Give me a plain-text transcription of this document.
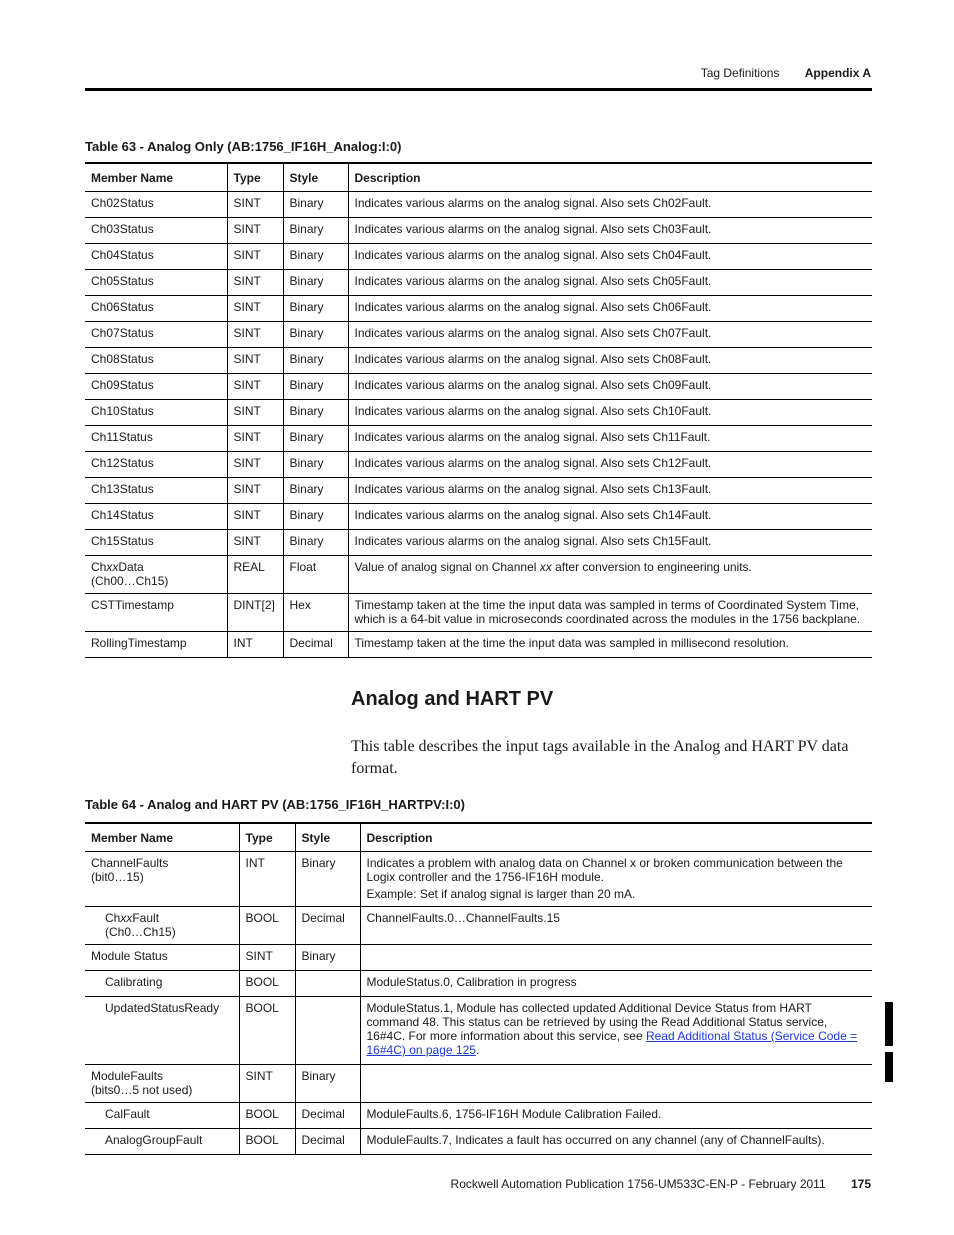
Tag Definitions Appendix A
Table 63 - Analog Only (AB:1756_IF16H_Analog:I:0)
Member Name	Type	Style	Description
Ch02Status	SINT	Binary	Indicates various alarms on the analog signal. Also sets Ch02Fault.
Ch03Status	SINT	Binary	Indicates various alarms on the analog signal. Also sets Ch03Fault.
Ch04Status	SINT	Binary	Indicates various alarms on the analog signal. Also sets Ch04Fault.
Ch05Status	SINT	Binary	Indicates various alarms on the analog signal. Also sets Ch05Fault.
Ch06Status	SINT	Binary	Indicates various alarms on the analog signal. Also sets Ch06Fault.
Ch07Status	SINT	Binary	Indicates various alarms on the analog signal. Also sets Ch07Fault.
Ch08Status	SINT	Binary	Indicates various alarms on the analog signal. Also sets Ch08Fault.
Ch09Status	SINT	Binary	Indicates various alarms on the analog signal. Also sets Ch09Fault.
Ch10Status	SINT	Binary	Indicates various alarms on the analog signal. Also sets Ch10Fault.
Ch11Status	SINT	Binary	Indicates various alarms on the analog signal. Also sets Ch11Fault.
Ch12Status	SINT	Binary	Indicates various alarms on the analog signal. Also sets Ch12Fault.
Ch13Status	SINT	Binary	Indicates various alarms on the analog signal. Also sets Ch13Fault.
Ch14Status	SINT	Binary	Indicates various alarms on the analog signal. Also sets Ch14Fault.
Ch15Status	SINT	Binary	Indicates various alarms on the analog signal. Also sets Ch15Fault.

ChxxData
(Ch00…Ch15)	REAL	Float	Value of analog signal on Channel xx after conversion to engineering units.
CSTTimestamp	DINT[2]	Hex	Timestamp taken at the time the input data was sampled in terms of Coordinated System Time, which is a 64-bit value in microseconds coordinated across the modules in the 1756 backplane.
RollingTimestamp	INT	Decimal	Timestamp taken at the time the input data was sampled in millisecond resolution.
Analog and HART PV
This table describes the input tags available in the Analog and HART PV data format.
Table 64 - Analog and HART PV (AB:1756_IF16H_HARTPV:I:0)
Member Name	Type	Style	Description

ChannelFaults
(bit0…15)	INT	Binary	Indicates a problem with analog data on Channel x or broken communication between the Logix controller and the 1756-IF16H module.
Example: Set if analog signal is larger than 20 mA.

ChxxFault
(Ch0…Ch15)	BOOL	Decimal	ChannelFaults.0…ChannelFaults.15
Module Status	SINT	Binary	
Calibrating	BOOL		ModuleStatus.0, Calibration in progress
UpdatedStatusReady	BOOL		ModuleStatus.1, Module has collected updated Additional Device Status from HART command 48. This status can be retrieved by using the Read Additional Status service, 16#4C. For more information about this service, see Read Additional Status (Service Code = 16#4C) on page 125.

ModuleFaults
(bits0…5 not used)	SINT	Binary	
CalFault	BOOL	Decimal	ModuleFaults.6, 1756-IF16H Module Calibration Failed.
AnalogGroupFault	BOOL	Decimal	ModuleFaults.7, Indicates a fault has occurred on any channel (any of ChannelFaults).
Rockwell Automation Publication 1756-UM533C-EN-P - February 2011 175
